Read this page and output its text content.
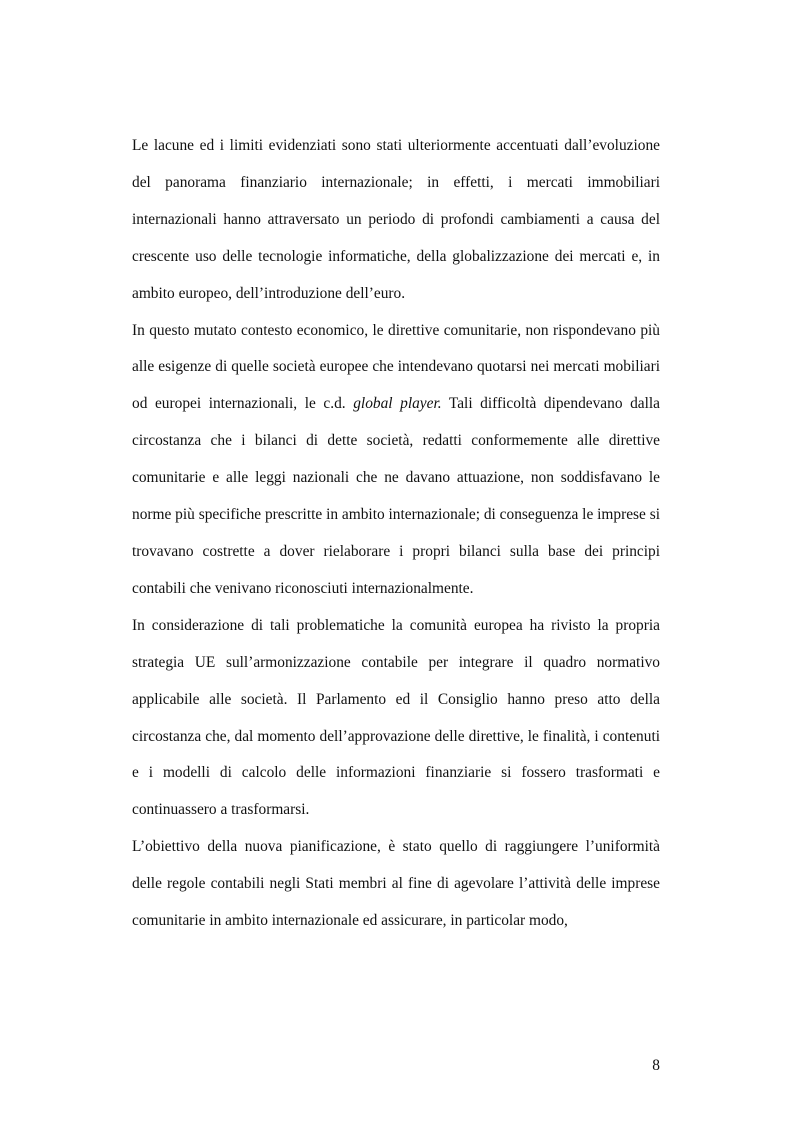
Le lacune ed i limiti evidenziati sono stati ulteriormente accentuati dall’evoluzione del panorama finanziario internazionale; in effetti, i mercati immobiliari internazionali hanno attraversato un periodo di profondi cambiamenti a causa del crescente uso delle tecnologie informatiche, della globalizzazione dei mercati e, in ambito europeo, dell’introduzione dell’euro.

In questo mutato contesto economico, le direttive comunitarie, non rispondevano più alle esigenze di quelle società europee che intendevano quotarsi nei mercati mobiliari od europei internazionali, le c.d. global player. Tali difficoltà dipendevano dalla circostanza che i bilanci di dette società, redatti conformemente alle direttive comunitarie e alle leggi nazionali che ne davano attuazione, non soddisfavano le norme più specifiche prescritte in ambito internazionale; di conseguenza le imprese si trovavano costrette a dover rielaborare i propri bilanci sulla base dei principi contabili che venivano riconosciuti internazionalmente.

In considerazione di tali problematiche la comunità europea ha rivisto la propria strategia UE sull’armonizzazione contabile per integrare il quadro normativo applicabile alle società. Il Parlamento ed il Consiglio hanno preso atto della circostanza che, dal momento dell’approvazione delle direttive, le finalità, i contenuti e i modelli di calcolo delle informazioni finanziarie si fossero trasformati e continuassero a trasformarsi.

L’obiettivo della nuova pianificazione, è stato quello di raggiungere l’uniformità delle regole contabili negli Stati membri al fine di agevolare l’attività delle imprese comunitarie in ambito internazionale ed assicurare, in particolar modo,

8
